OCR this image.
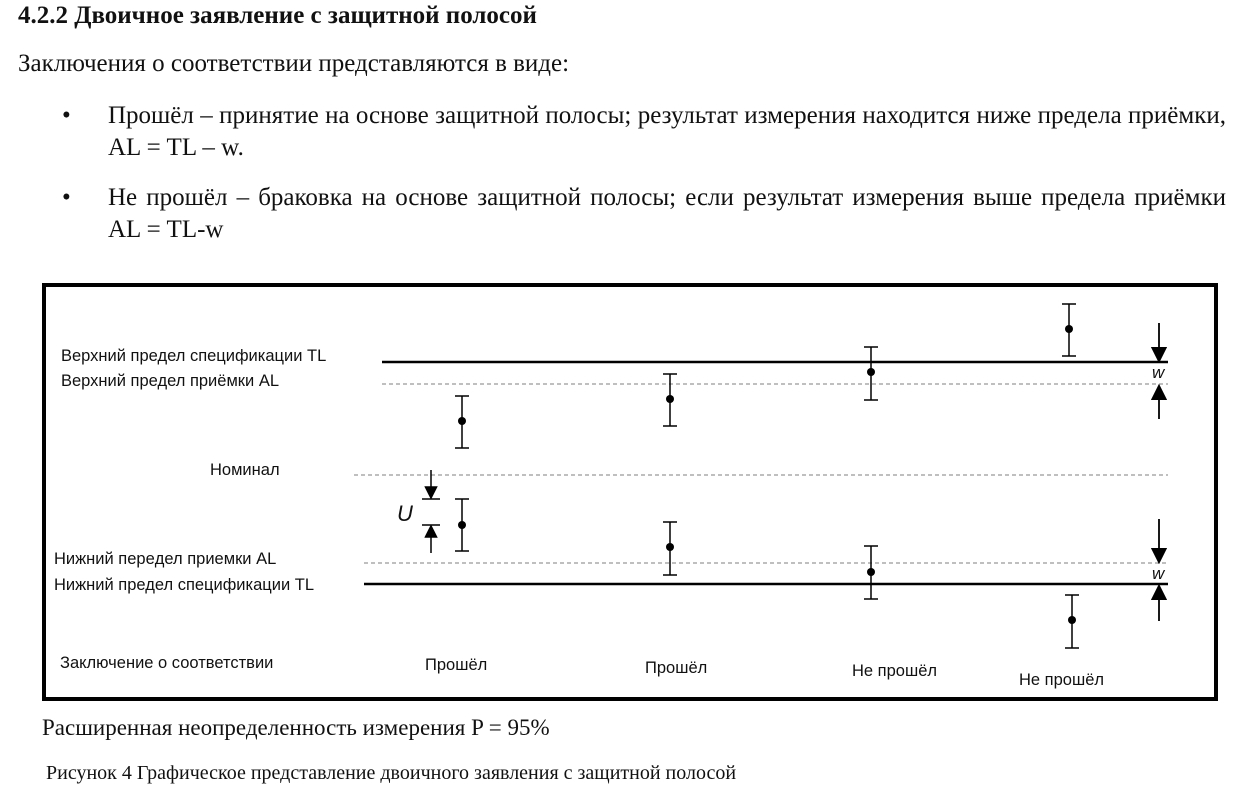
4.2.2 Двоичное заявление с защитной полосой
Заключения о соответствии представляются в виде:
• Прошёл – принятие на основе защитной полосы; результат измерения находится ниже предела приёмки, AL = TL – w.
• Не прошёл – браковка на основе защитной полосы; если результат измерения выше предела приёмки AL = TL-w
Верхний предел спецификации TL
Верхний предел приёмки AL
Номинал
Нижний перeдел приемки AL
Нижний предел спецификации TL
Заключение о соответствии
U
w
w
Прошёл	Прошёл	Не прошёл	Не прошёл
Расширенная неопределенность измерения P = 95%
Рисунок 4 Графическое представление двоичного заявления с защитной полосой
